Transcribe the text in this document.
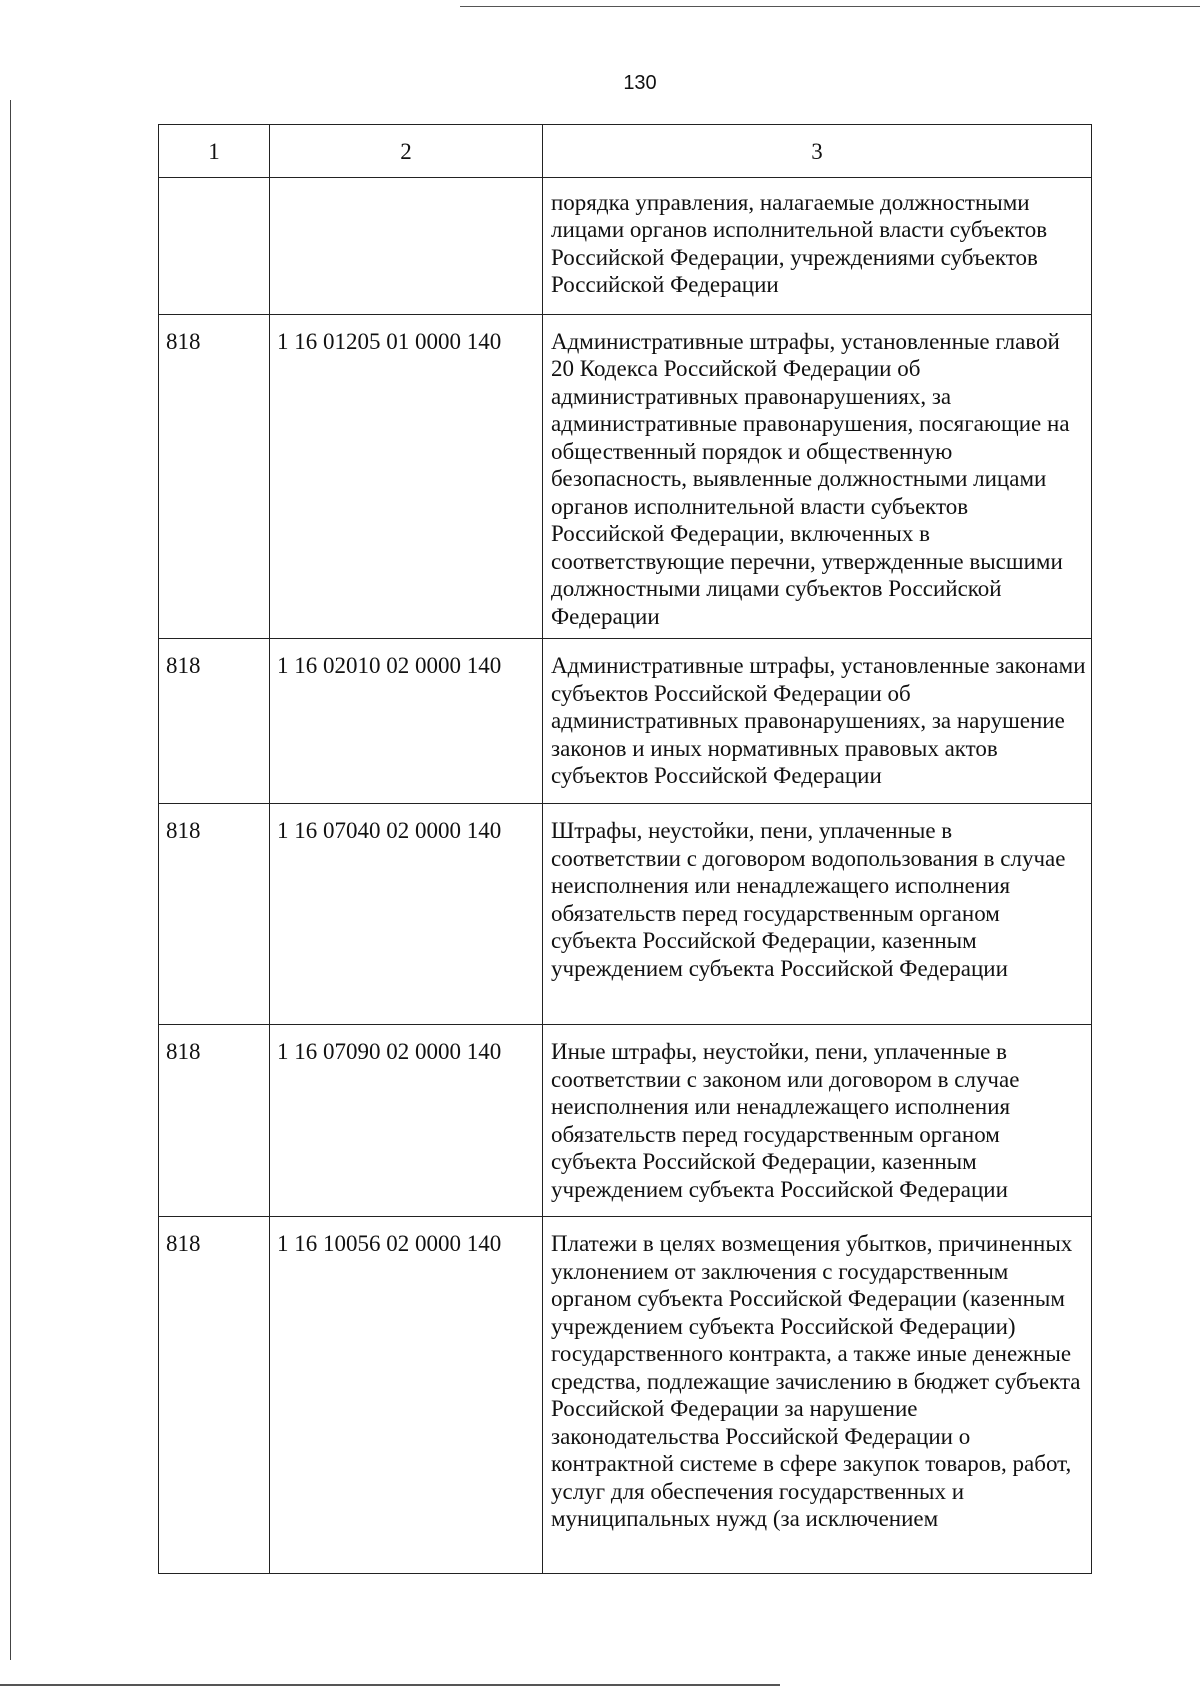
130
1	2	3
		порядка управления, налагаемые должностными лицами органов исполнительной власти субъектов Российской Федерации, учреждениями субъектов Российской Федерации
818	1 16 01205 01 0000 140	Административные штрафы, установленные главой 20 Кодекса Российской Федерации об административных правонарушениях, за административные правонарушения, посягающие на общественный порядок и общественную безопасность, выявленные должностными лицами органов исполнительной власти субъектов Российской Федерации, включенных в соответствующие перечни, утвержденные высшими должностными лицами субъектов Российской Федерации
818	1 16 02010 02 0000 140	Административные штрафы, установленные законами субъектов Российской Федерации об административных правонарушениях, за нарушение законов и иных нормативных правовых актов субъектов Российской Федерации
818	1 16 07040 02 0000 140	Штрафы, неустойки, пени, уплаченные в соответствии с договором водопользования в случае неисполнения или ненадлежащего исполнения обязательств перед государственным органом субъекта Российской Федерации, казенным учреждением субъекта Российской Федерации
818	1 16 07090 02 0000 140	Иные штрафы, неустойки, пени, уплаченные в соответствии с законом или договором в случае неисполнения или ненадлежащего исполнения обязательств перед государственным органом субъекта Российской Федерации, казенным учреждением субъекта Российской Федерации
818	1 16 10056 02 0000 140	Платежи в целях возмещения убытков, причиненных уклонением от заключения с государственным органом субъекта Российской Федерации (казенным учреждением субъекта Российской Федерации) государственного контракта, а также иные денежные средства, подлежащие зачислению в бюджет субъекта Российской Федерации за нарушение законодательства Российской Федерации о контрактной системе в сфере закупок товаров, работ, услуг для обеспечения государственных и муниципальных нужд (за исключением
